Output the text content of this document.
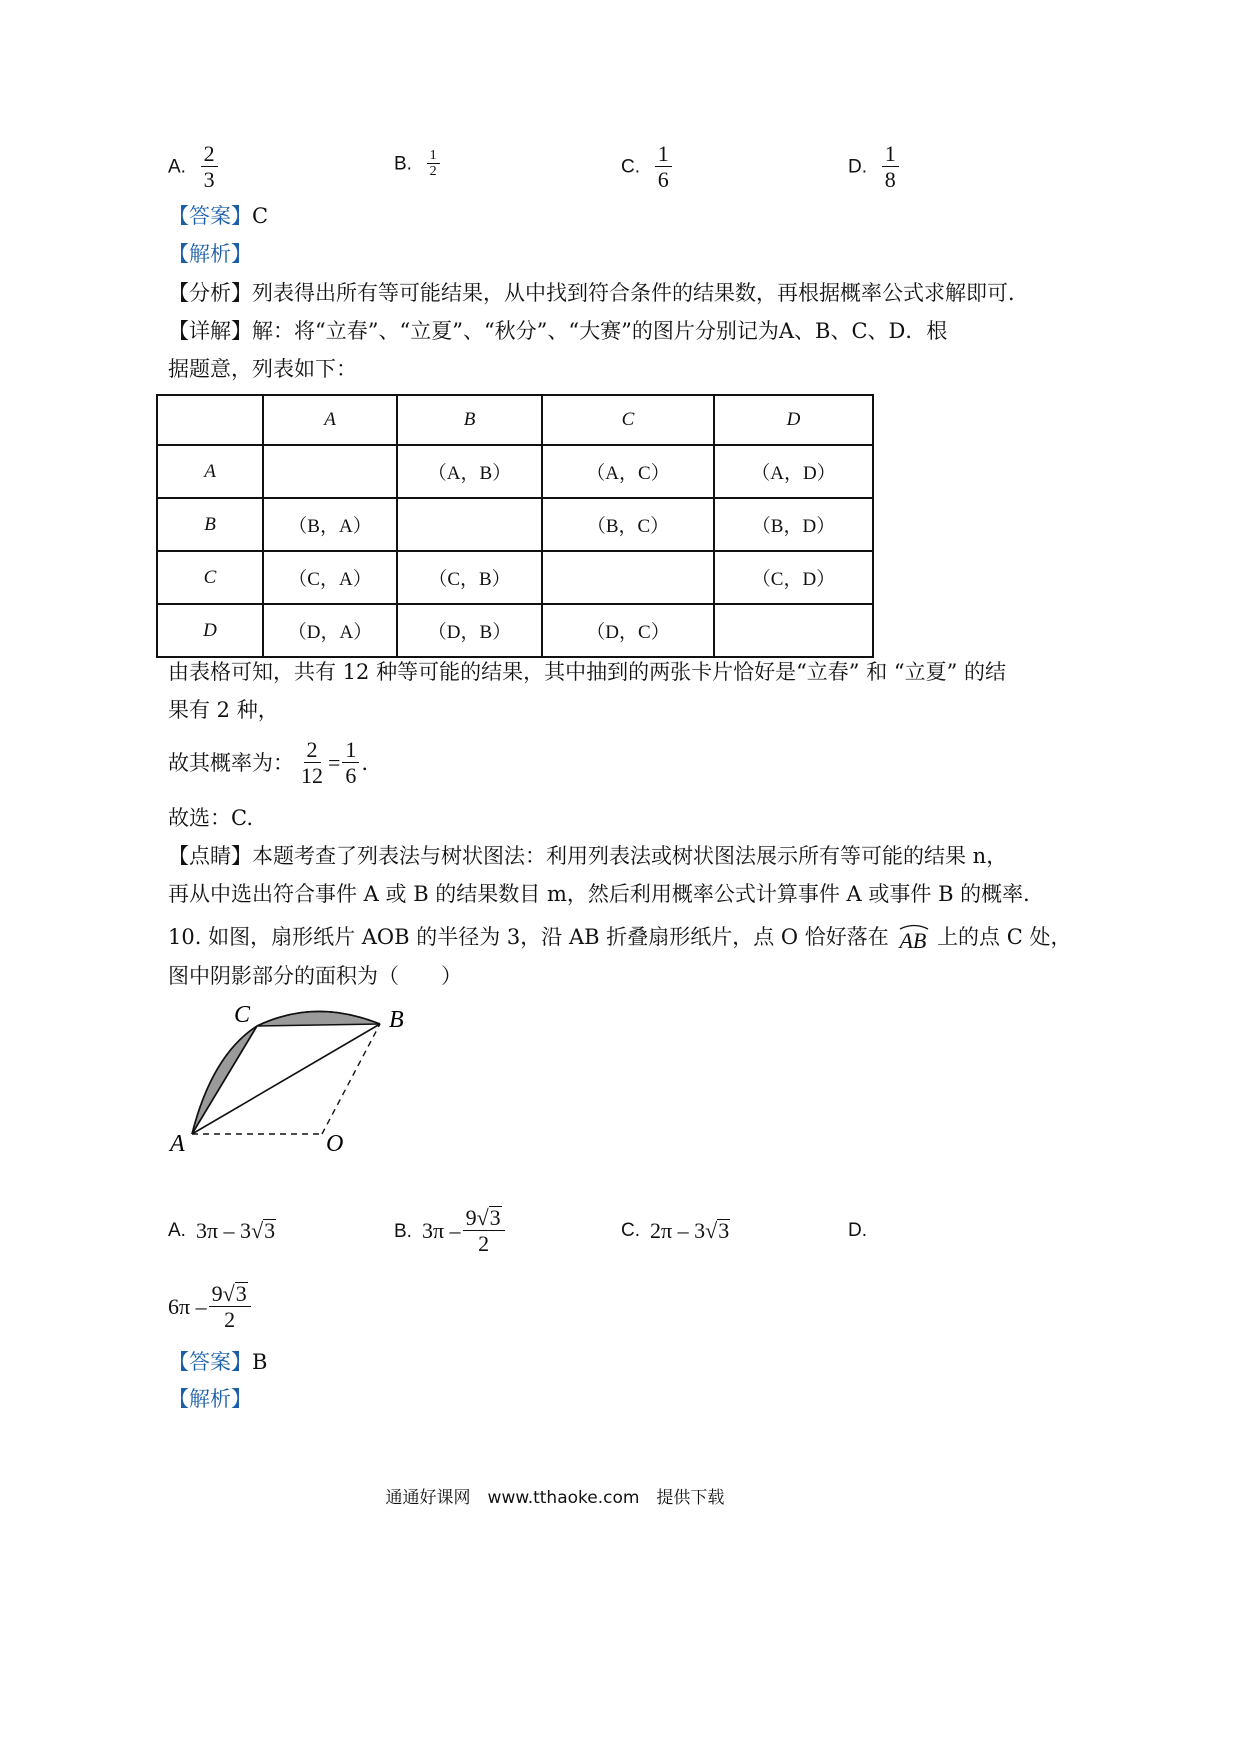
A. $\frac{2}{3}$	B. $\frac{1}{2}$	C. $\frac{1}{6}$	D. $\frac{1}{8}$
【答案】C
【解析】
【分析】列表得出所有等可能结果，从中找到符合条件的结果数，再根据概率公式求解即可．
【详解】解：将“立春”、“立夏”、“秋分”、“大赛”的图片分别记为A、B、C、D．根
据题意，列表如下：
	A	B	C	D
A		（A，B）	（A，C）	（A，D）
B	（B，A）		（B，C）	（B，D）
C	（C，A）	（C，B）		（C，D）
D	（D，A）	（D，B）	（D，C）	
由表格可知，共有 12 种等可能的结果，其中抽到的两张卡片恰好是“立春” 和 “立夏” 的结
果有 2 种，
故其概率为： $\frac{2}{12} = \frac{1}{6}$ .
故选：C.
【点睛】本题考查了列表法与树状图法：利用列表法或树状图法展示所有等可能的结果 n，
再从中选出符合事件 A 或 B 的结果数目 m，然后利用概率公式计算事件 A 或事件 B 的概率．
10. 如图，扇形纸片 AOB 的半径为 3，沿 AB 折叠扇形纸片，点 O 恰好落在 AB 上的点 C 处，
图中阴影部分的面积为（　　）
C	B
A	O
A. 3π – 3 √ 3	B. $3\pi - \frac{9√3}{2}$	C. 2π – 3 √ 3	D.
$6\pi - \frac{9√3}{2}$
【答案】B
【解析】
通通好课网　www.tthaoke.com　提供下载
